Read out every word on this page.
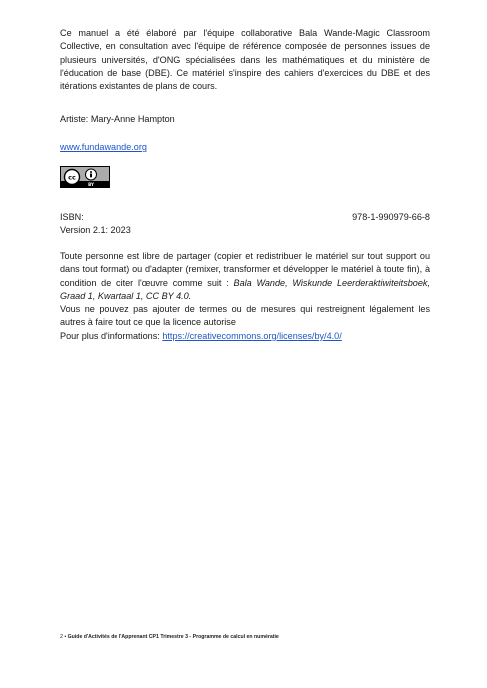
Ce manuel a été élaboré par l'équipe collaborative Bala Wande-Magic Classroom Collective, en consultation avec l'équipe de référence composée de personnes issues de plusieurs universités, d'ONG spécialisées dans les mathématiques et du ministère de l'éducation de base (DBE). Ce matériel s'inspire des cahiers d'exercices du DBE et des itérations existantes de plans de cours.
Artiste: Mary-Anne Hampton
www.fundawande.org
cc
BY
ISBN:	978-1-990979-66-8
Version 2.1: 2023
Toute personne est libre de partager (copier et redistribuer le matériel sur tout support ou dans tout format) ou d'adapter (remixer, transformer et développer le matériel à toute fin), à condition de citer l'œuvre comme suit : Bala Wande, Wiskunde Leerderaktiwiteitsboek, Graad 1, Kwartaal 1, CC BY 4.0.
Vous ne pouvez pas ajouter de termes ou de mesures qui restreignent légalement les autres à faire tout ce que la licence autorise
Pour plus d'informations: https://creativecommons.org/licenses/by/4.0/
2 • Guide d'Activités de l'Apprenant CP1 Trimestre 3 - Programme de calcul en numératie
